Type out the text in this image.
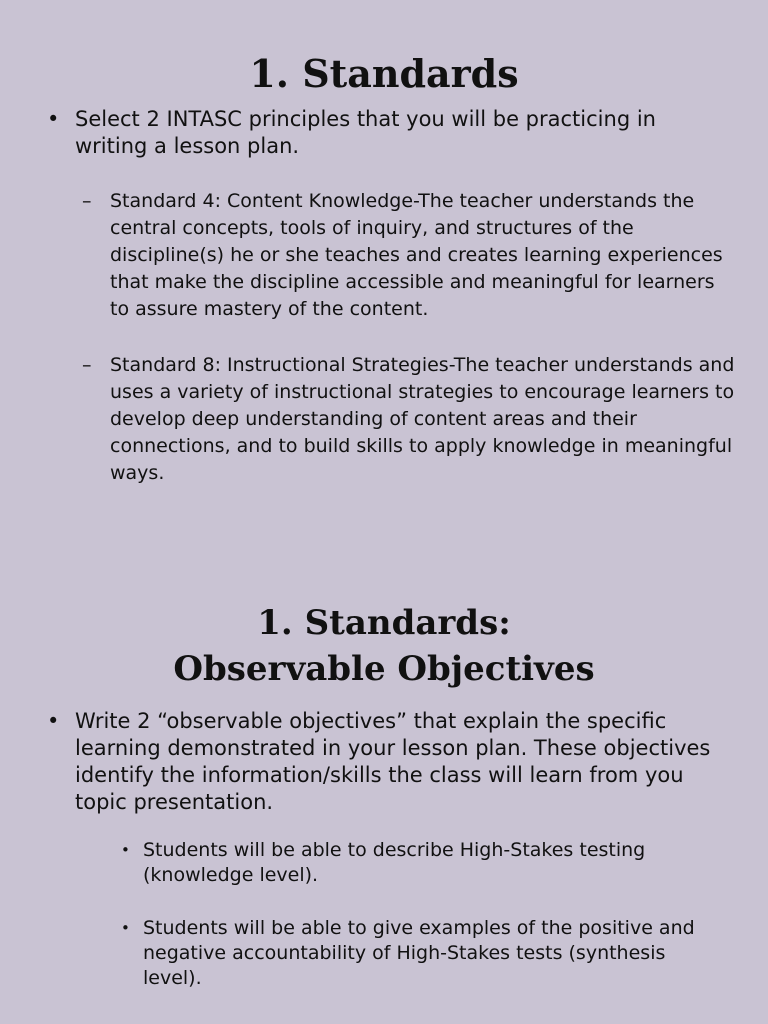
1. Standards

• Select 2 INTASC principles that you will be practicing in writing a lesson plan.

– Standard 4: Content Knowledge-The teacher understands the central concepts, tools of inquiry, and structures of the discipline(s) he or she teaches and creates learning experiences that make the discipline accessible and meaningful for learners to assure mastery of the content.

– Standard 8: Instructional Strategies-The teacher understands and uses a variety of instructional strategies to encourage learners to develop deep understanding of content areas and their connections, and to build skills to apply knowledge in meaningful ways.

1. Standards:
Observable Objectives

• Write 2 “observable objectives” that explain the specific learning demonstrated in your lesson plan. These objectives identify the information/skills the class will learn from you topic presentation.

• Students will be able to describe High-Stakes testing (knowledge level).

• Students will be able to give examples of the positive and negative accountability of High-Stakes tests (synthesis level).
